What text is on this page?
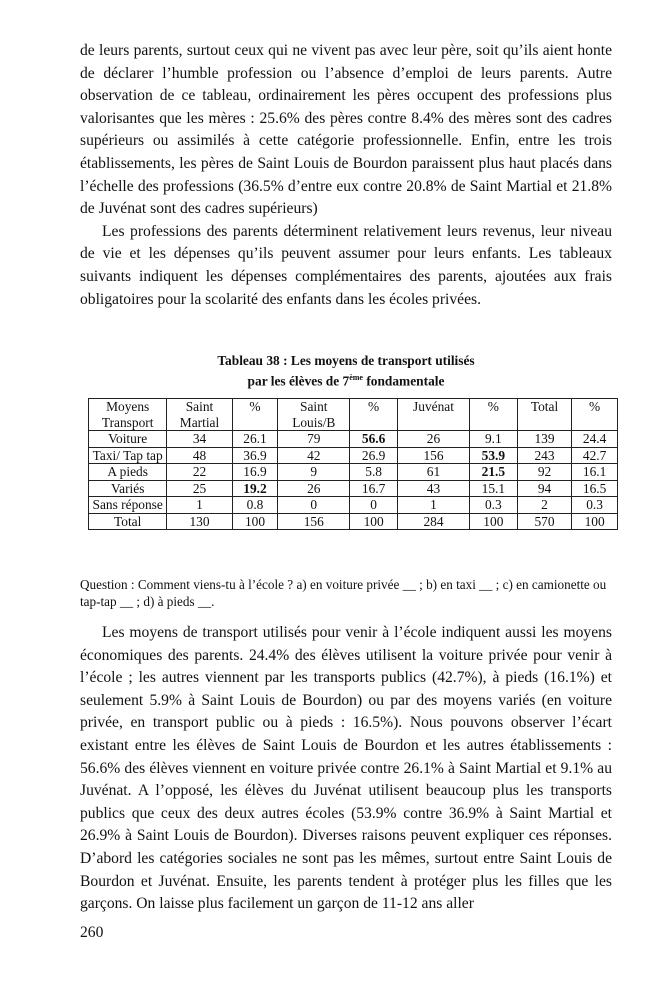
de leurs parents, surtout ceux qui ne vivent pas avec leur père, soit qu’ils aient honte de déclarer l’humble profession ou l’absence d’emploi de leurs parents. Autre observation de ce tableau, ordinairement les pères occupent des professions plus valorisantes que les mères : 25.6% des pères contre 8.4% des mères sont des cadres supérieurs ou assimilés à cette catégorie professionnelle. Enfin, entre les trois établissements, les pères de Saint Louis de Bourdon paraissent plus haut placés dans l’échelle des professions (36.5% d’entre eux contre 20.8% de Saint Martial et 21.8% de Juvénat sont des cadres supérieurs)

Les professions des parents déterminent relativement leurs revenus, leur niveau de vie et les dépenses qu’ils peuvent assumer pour leurs enfants. Les tableaux suivants indiquent les dépenses complémentaires des parents, ajoutées aux frais obligatoires pour la scolarité des enfants dans les écoles privées.

Tableau 38 : Les moyens de transport utilisés
par les élèves de 7ème fondamentale
Moyens Transport	Saint Martial	%	Saint Louis/B	%	Juvénat	%	Total	%
Voiture	34	26.1	79	56.6	26	9.1	139	24.4
Taxi/ Tap tap	48	36.9	42	26.9	156	53.9	243	42.7
A pieds	22	16.9	9	5.8	61	21.5	92	16.1
Variés	25	19.2	26	16.7	43	15.1	94	16.5
Sans réponse	1	0.8	0	0	1	0.3	2	0.3
Total	130	100	156	100	284	100	570	100
Question : Comment viens-tu à l’école ? a) en voiture privée __ ; b) en taxi __ ; c) en camionette ou tap-tap __ ; d) à pieds __.

Les moyens de transport utilisés pour venir à l’école indiquent aussi les moyens économiques des parents. 24.4% des élèves utilisent la voiture privée pour venir à l’école ; les autres viennent par les transports publics (42.7%), à pieds (16.1%) et seulement 5.9% à Saint Louis de Bourdon) ou par des moyens variés (en voiture privée, en transport public ou à pieds : 16.5%). Nous pouvons observer l’écart existant entre les élèves de Saint Louis de Bourdon et les autres établissements : 56.6% des élèves viennent en voiture privée contre 26.1% à Saint Martial et 9.1% au Juvénat. A l’opposé, les élèves du Juvénat utilisent beaucoup plus les transports publics que ceux des deux autres écoles (53.9% contre 36.9% à Saint Martial et 26.9% à Saint Louis de Bourdon). Diverses raisons peuvent expliquer ces réponses. D’abord les catégories sociales ne sont pas les mêmes, surtout entre Saint Louis de Bourdon et Juvénat. Ensuite, les parents tendent à protéger plus les filles que les garçons. On laisse plus facilement un garçon de 11-12 ans aller

260
